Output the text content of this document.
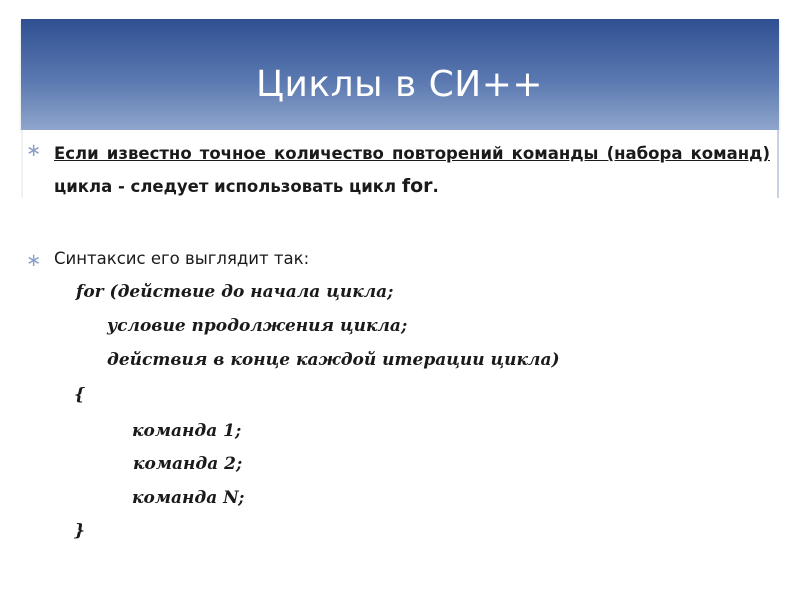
Циклы в СИ++
∗ Если известно точное количество повторений команды (набора команд) цикла - следует использовать цикл for.
∗ Синтаксис его выглядит так:
for (действие до начала цикла;
условие продолжения цикла;
действия в конце каждой итерации цикла)
{
команда 1;
команда 2;
команда N;
}
